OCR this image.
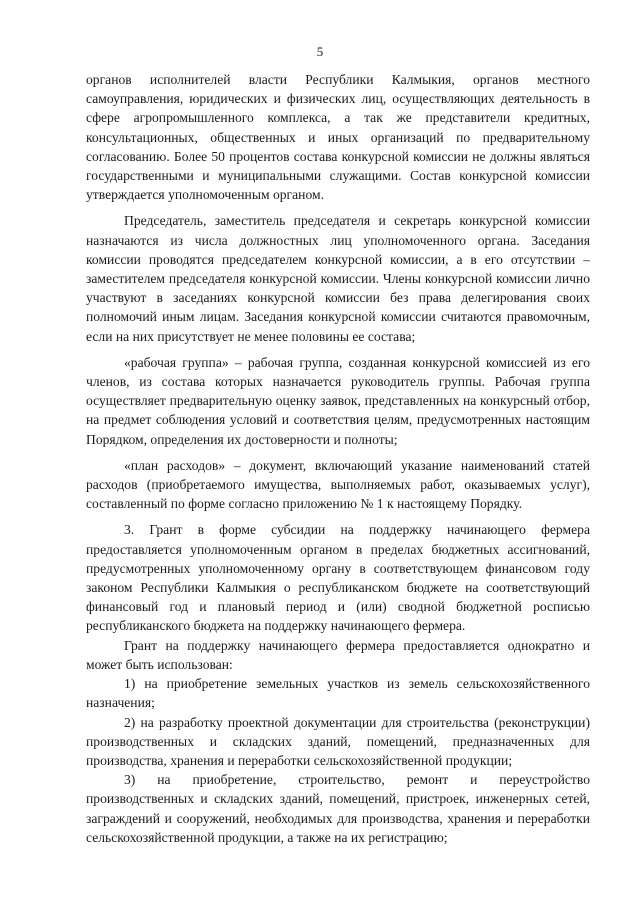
5

органов исполнителей власти Республики Калмыкия, органов местного самоуправления, юридических и физических лиц, осуществляющих деятельность в сфере агропромышленного комплекса, а так же представители кредитных, консультационных, общественных и иных организаций по предварительному согласованию. Более 50 процентов состава конкурсной комиссии не должны являться государственными и муниципальными служащими. Состав конкурсной комиссии утверждается уполномоченным органом.

Председатель, заместитель председателя и секретарь конкурсной комиссии назначаются из числа должностных лиц уполномоченного органа. Заседания комиссии проводятся председателем конкурсной комиссии, а в его отсутствии – заместителем председателя конкурсной комиссии. Члены конкурсной комиссии лично участвуют в заседаниях конкурсной комиссии без права делегирования своих полномочий иным лицам. Заседания конкурсной комиссии считаются правомочным, если на них присутствует не менее половины ее состава;

«рабочая группа» – рабочая группа, созданная конкурсной комиссией из его членов, из состава которых назначается руководитель группы. Рабочая группа осуществляет предварительную оценку заявок, представленных на конкурсный отбор, на предмет соблюдения условий и соответствия целям, предусмотренных настоящим Порядком, определения их достоверности и полноты;

«план расходов» – документ, включающий указание наименований статей расходов (приобретаемого имущества, выполняемых работ, оказываемых услуг), составленный по форме согласно приложению № 1 к настоящему Порядку.

3. Грант в форме субсидии на поддержку начинающего фермера предоставляется уполномоченным органом в пределах бюджетных ассигнований, предусмотренных уполномоченному органу в соответствующем финансовом году законом Республики Калмыкия о республиканском бюджете на соответствующий финансовый год и плановый период и (или) сводной бюджетной росписью республиканского бюджета на поддержку начинающего фермера.

Грант на поддержку начинающего фермера предоставляется однократно и может быть использован:

1) на приобретение земельных участков из земель сельскохозяйственного назначения;

2) на разработку проектной документации для строительства (реконструкции) производственных и складских зданий, помещений, предназначенных для производства, хранения и переработки сельскохозяйственной продукции;

3) на приобретение, строительство, ремонт и переустройство производственных и складских зданий, помещений, пристроек, инженерных сетей, заграждений и сооружений, необходимых для производства, хранения и переработки сельскохозяйственной продукции, а также на их регистрацию;
